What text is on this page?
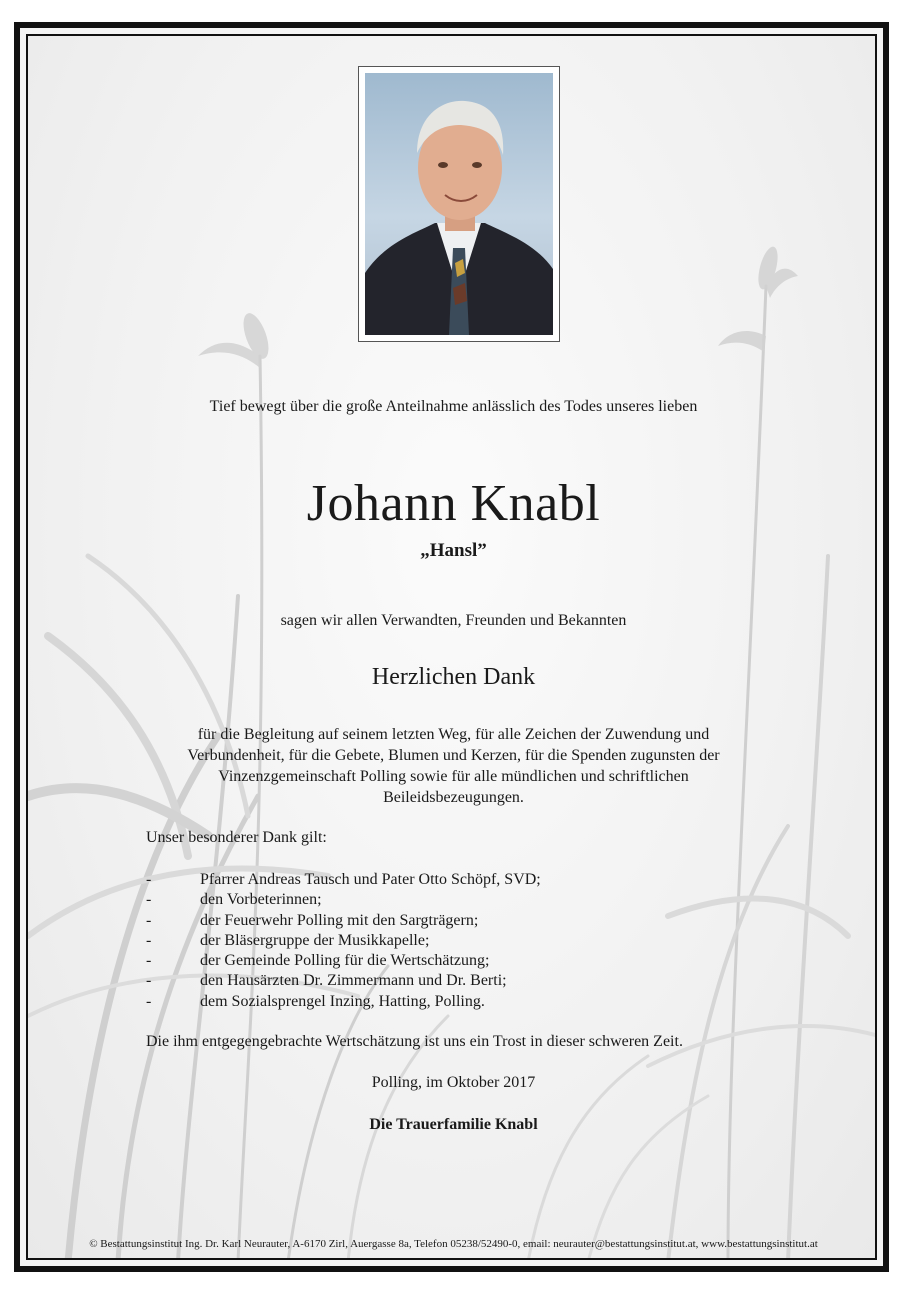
Tief bewegt über die große Anteilnahme anlässlich des Todes unseres lieben
Johann Knabl
„Hansl”
sagen wir allen Verwandten, Freunden und Bekannten
Herzlichen Dank
für die Begleitung auf seinem letzten Weg, für alle Zeichen der Zuwendung und
Verbundenheit, für die Gebete, Blumen und Kerzen, für die Spenden zugunsten der
Vinzenzgemeinschaft Polling sowie für alle mündlichen und schriftlichen
Beileidsbezeugungen.
Unser besonderer Dank gilt:
-	Pfarrer Andreas Tausch und Pater Otto Schöpf, SVD;
-	den Vorbeterinnen;
-	der Feuerwehr Polling mit den Sargträgern;
-	der Bläsergruppe der Musikkapelle;
-	der Gemeinde Polling für die Wertschätzung;
-	den Hausärzten Dr. Zimmermann und Dr. Berti;
-	dem Sozialsprengel Inzing, Hatting, Polling.
Die ihm entgegengebrachte Wertschätzung ist uns ein Trost in dieser schweren Zeit.
Polling, im Oktober 2017
Die Trauerfamilie Knabl
© Bestattungsinstitut Ing. Dr. Karl Neurauter, A-6170 Zirl, Auergasse 8a, Telefon 05238/52490-0, email: neurauter@bestattungsinstitut.at, www.bestattungsinstitut.at
